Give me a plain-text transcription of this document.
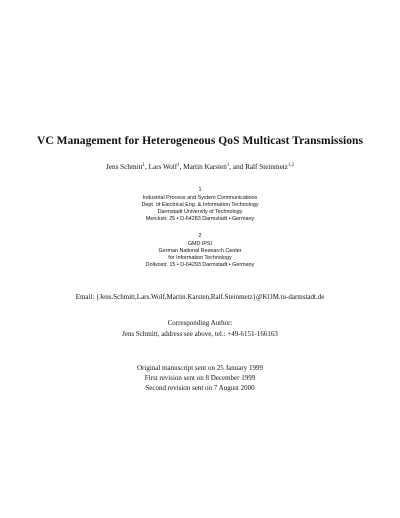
VC Management for Heterogeneous QoS Multicast Transmissions
Jens Schmitt$^1$, Lars Wolf$^1$, Martin Karsten$^1$, and Ralf Steinmetz$^{1,2}$
1
Industrial Process and System Communications
Dept. of Electrical Eng. & Information Technology
Darmstadt University of Technology
Merckstr. 25 • D-64283 Darmstadt • Germany
2
GMD IPSI
German National Research Center
for Information Technology
Dolivostr. 15 • D-64293 Darmstadt • Germany
Email: {Jens.Schmitt,Lars.Wolf,Martin.Karsten,Ralf.Steinmetz}@KOM.tu-darmstadt.de
Corresponding Author:
Jens Schmitt, address see above, tel.: +49-6151-166163
Original manuscript sent on 25 January 1999
First revision sent on 8 December 1999
Second revision sent on 7 August 2000
